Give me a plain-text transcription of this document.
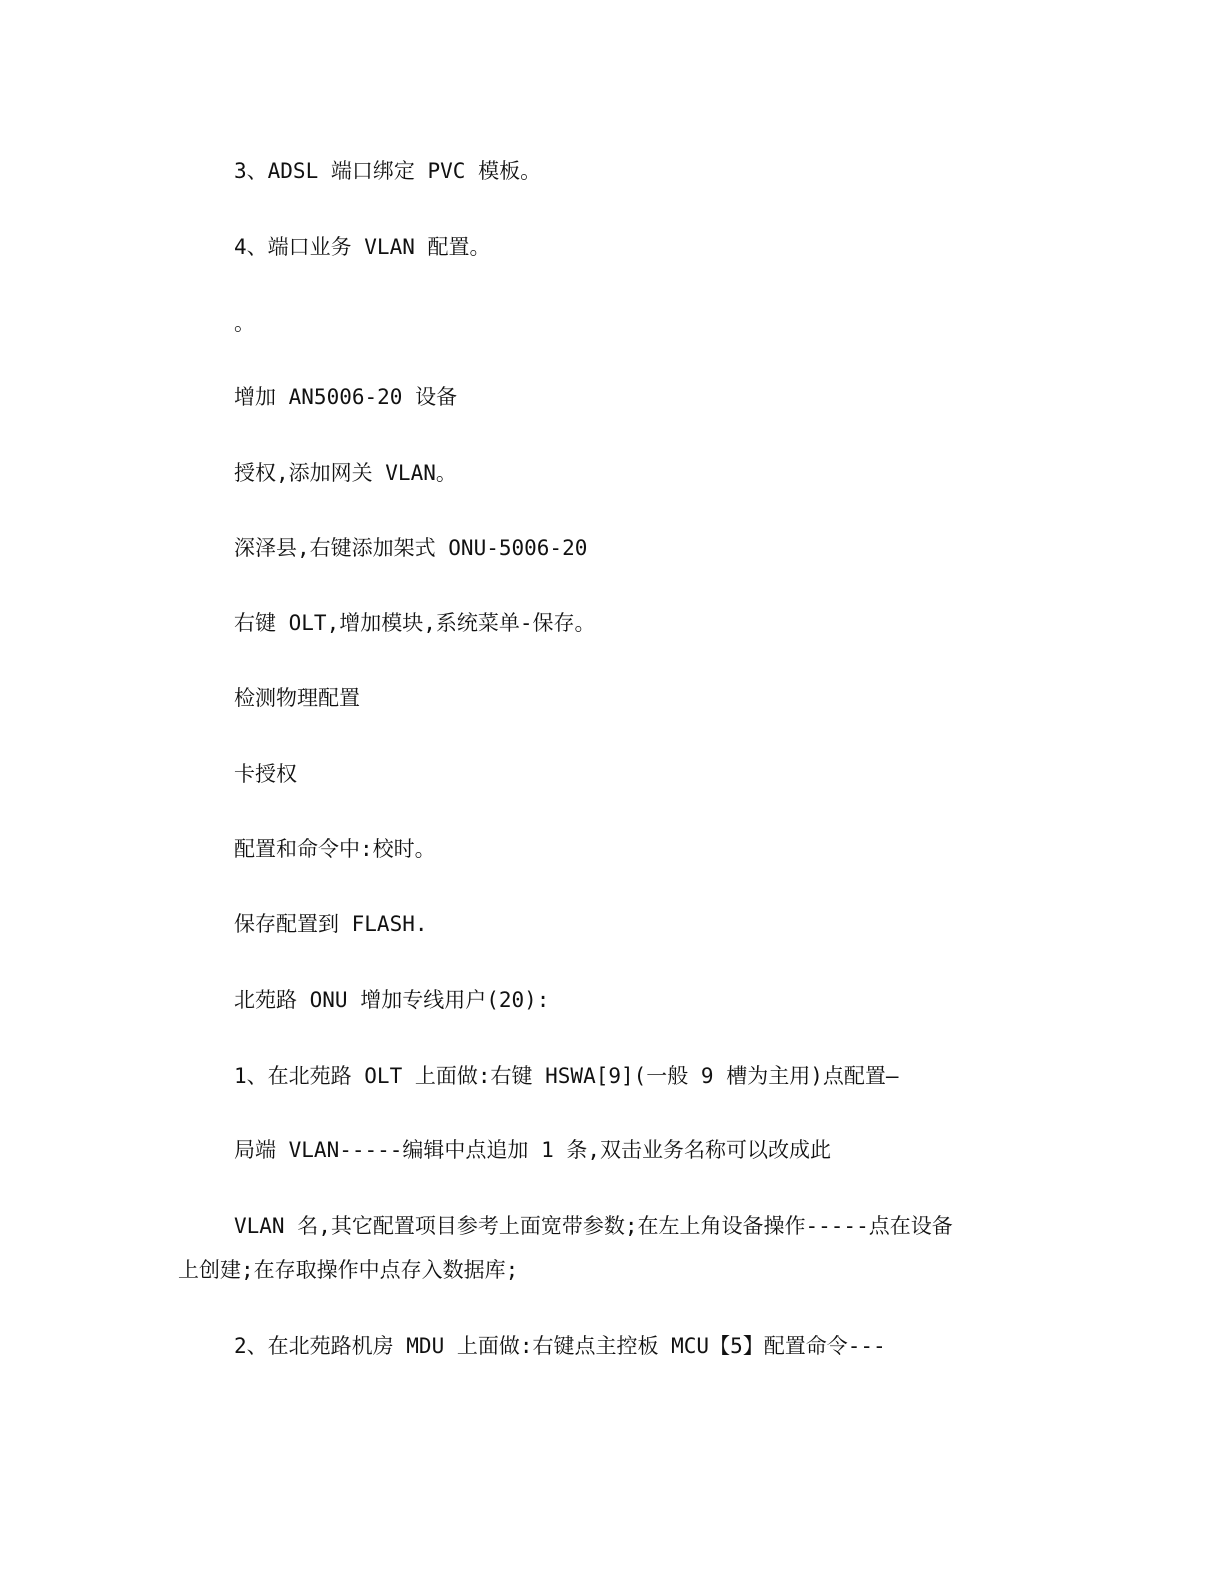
3、ADSL 端口绑定 PVC 模板。
4、端口业务 VLAN 配置。
。
增加 AN5006-20 设备
授权,添加网关 VLAN。
深泽县,右键添加架式 ONU-5006-20
右键 OLT,增加模块,系统菜单-保存。
检测物理配置
卡授权
配置和命令中:校时。
保存配置到 FLASH.
北苑路 ONU 增加专线用户(20):
1、在北苑路 OLT 上面做:右键 HSWA[9](一般 9 槽为主用)点配置—
局端 VLAN-----编辑中点追加 1 条,双击业务名称可以改成此
VLAN 名,其它配置项目参考上面宽带参数;在左上角设备操作-----点在设备
上创建;在存取操作中点存入数据库;
2、在北苑路机房 MDU 上面做:右键点主控板 MCU【5】配置命令---
